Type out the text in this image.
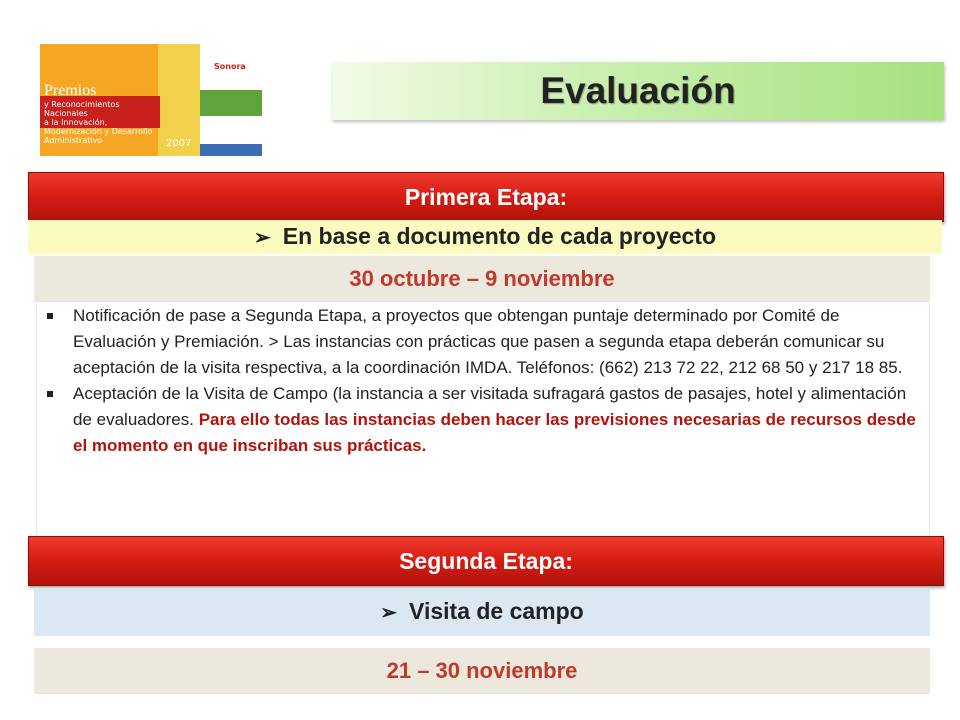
Premios
y Reconocimientos Nacionales
a la Innovación, Modernización y Desarrollo Administrativo	2007
Sonora
Evaluación
Primera Etapa:
➢ En base a documento de cada proyecto
30 octubre – 9 noviembre
Notificación de pase a Segunda Etapa, a proyectos que obtengan puntaje determinado por Comité de Evaluación y Premiación. > Las instancias con prácticas que pasen a segunda etapa deberán comunicar su aceptación de la visita respectiva, a la coordinación IMDA. Teléfonos: (662) 213 72 22, 212 68 50 y 217 18 85.
Aceptación de la Visita de Campo (la instancia a ser visitada sufragará gastos de pasajes, hotel y alimentación de evaluadores. Para ello todas las instancias deben hacer las previsiones necesarias de recursos desde el momento en que inscriban sus prácticas.
Segunda Etapa:
➢ Visita de campo
21 – 30 noviembre
